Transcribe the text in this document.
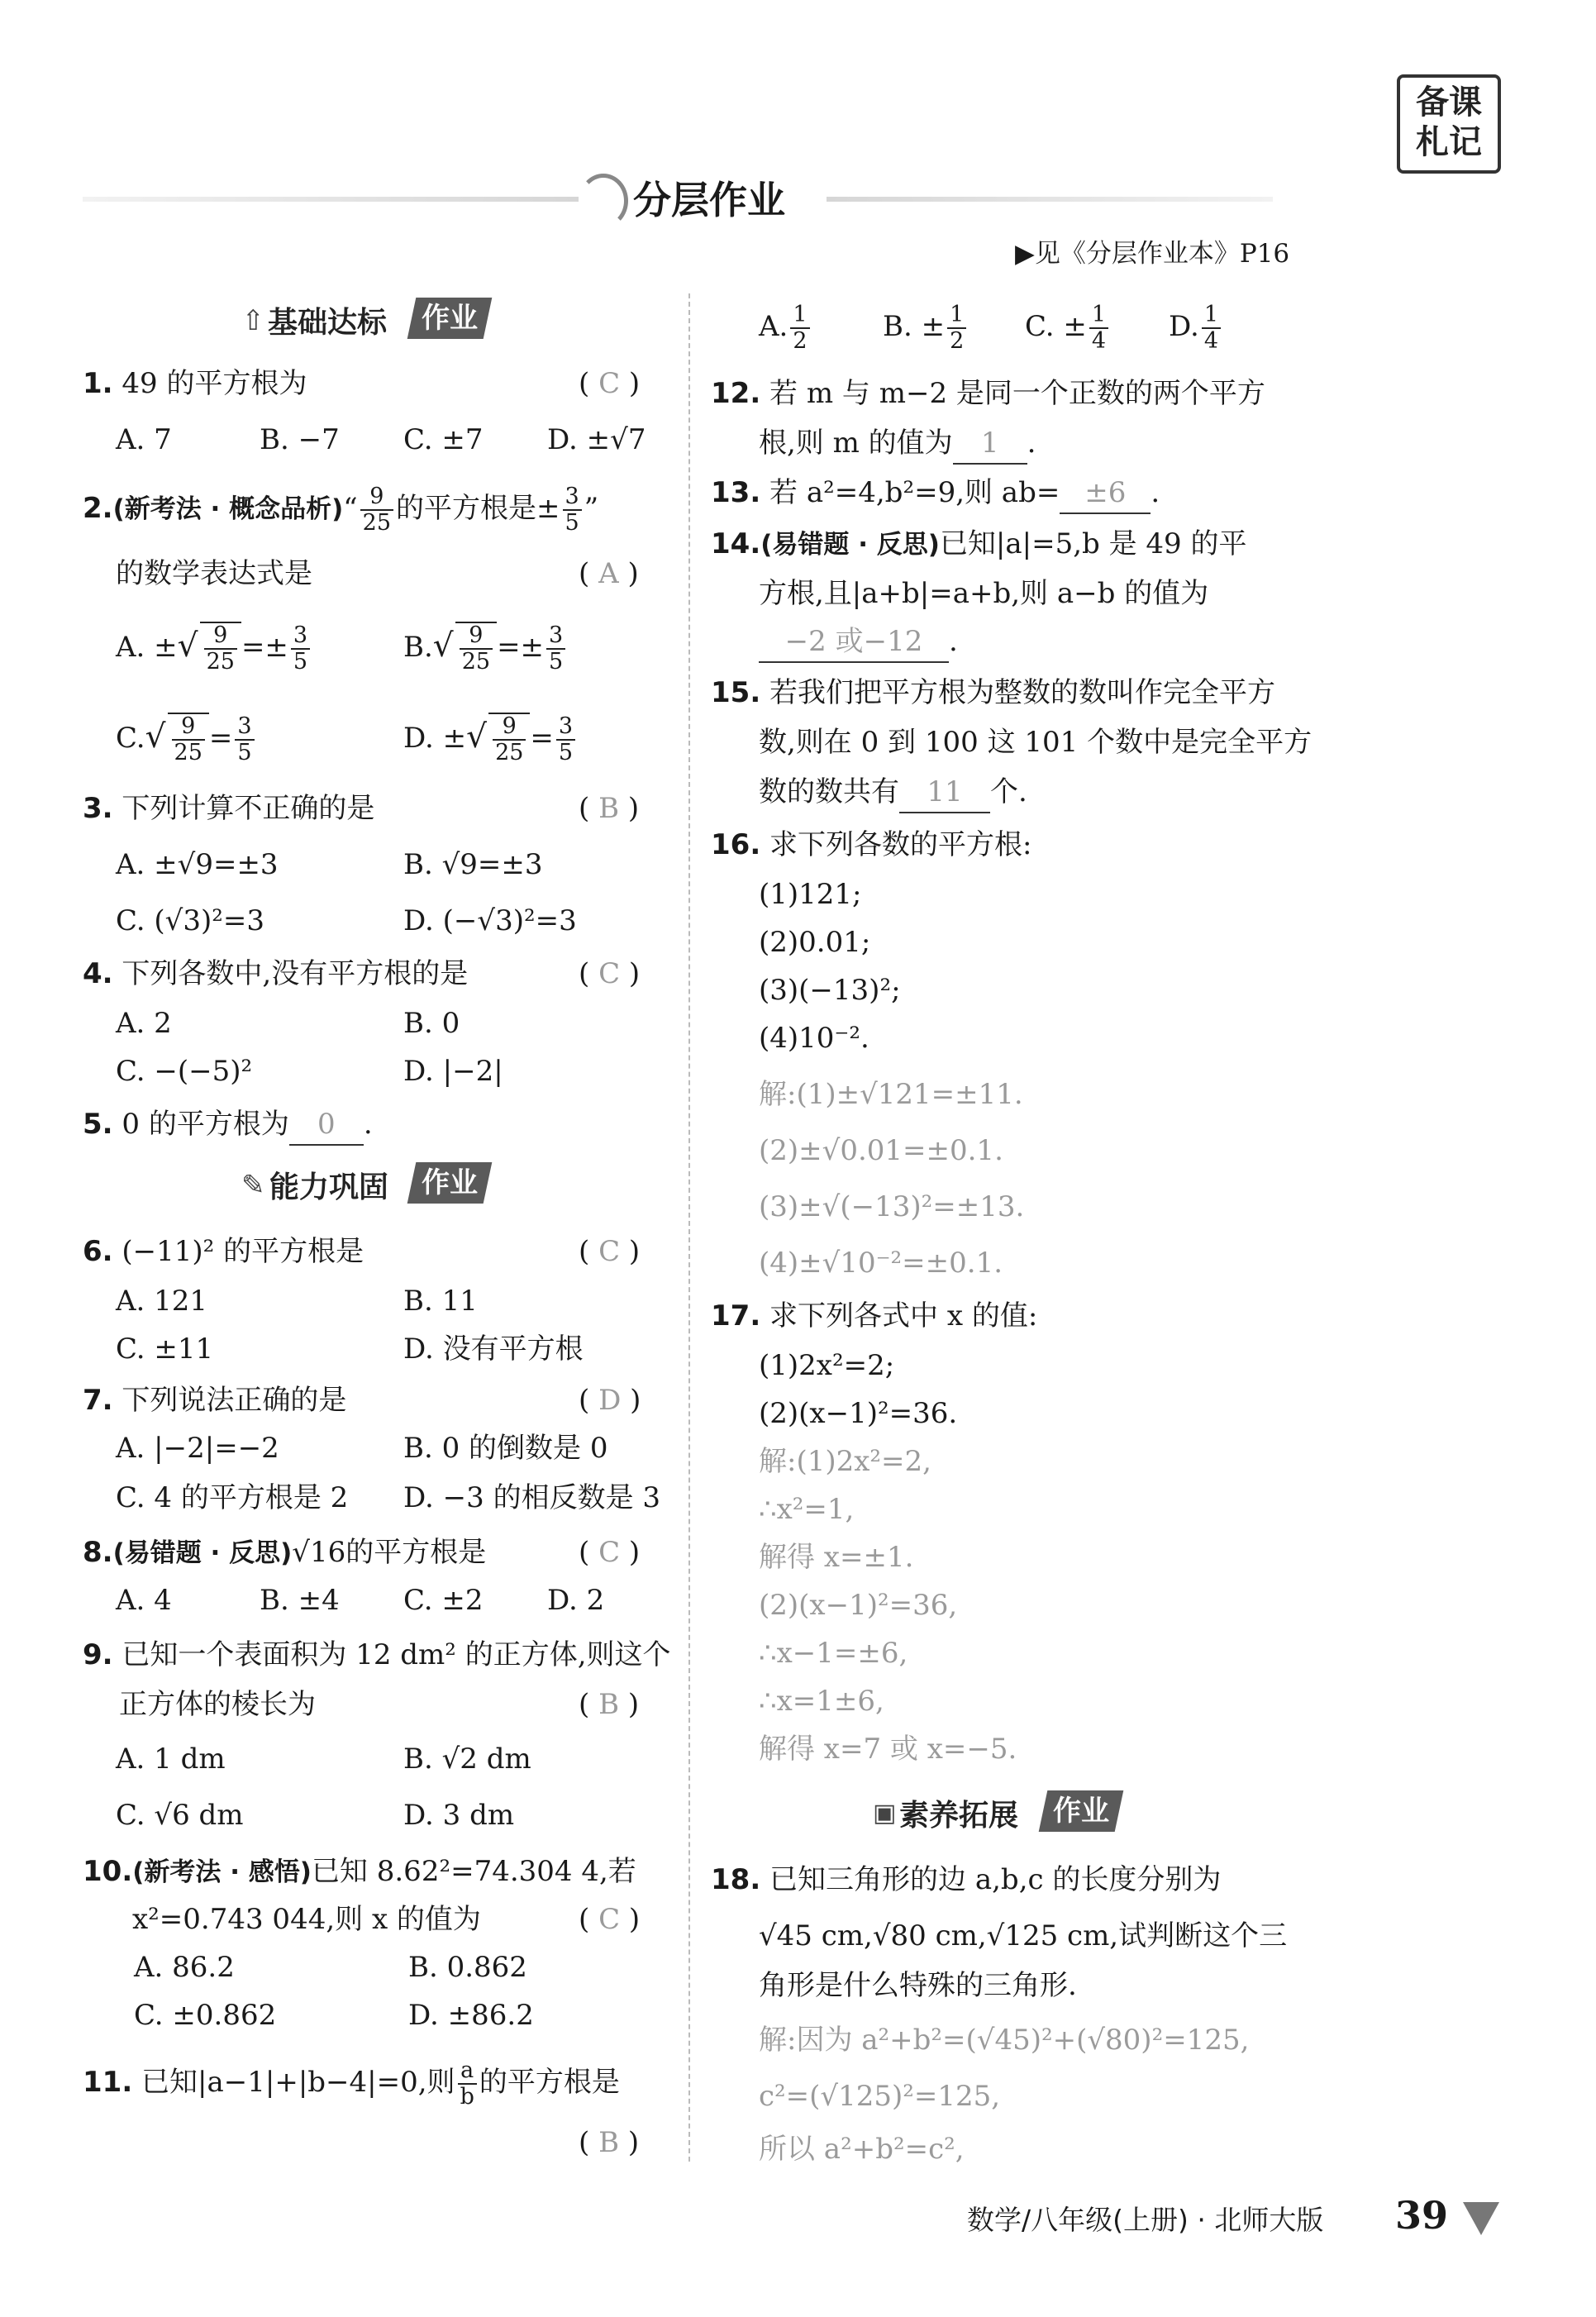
备课
札记
分层作业
▶见《分层作业本》P16
⇧ 基础达标	作业
1. 49 的平方根为	( C )
A. 7	B. −7 C. ±7 D. ±√7
2.(新考法 · 概念品析)“ $\frac{9}{25}$ 的平方根是± $\frac{3}{5}$ ”
的数学表达式是	( A )
A. ±√ $\frac{9}{25} =\pm \frac{3}{5}$	$B.√ \frac{9}{25} =\pm \frac{3}{5}$
$C.√ \frac{9}{25} = \frac{3}{5}$	D. ±√ $\frac{9}{25} = \frac{3}{5}$
3. 下列计算不正确的是	( B )
A. ±√9=±3	B. √9=±3
C. (√3)²=3	D. (−√3)²=3
4. 下列各数中,没有平方根的是	( C )
A. 2	B. 0
C. −(−5)²	D. |−2|
5. 0 的平方根为 0 .
✎ 能力巩固	作业
6. (−11)² 的平方根是	( C )
A. 121	B. 11
C. ±11	D. 没有平方根
7. 下列说法正确的是	( D )
A. |−2|=−2	B. 0 的倒数是 0
C. 4 的平方根是 2 D. −3 的相反数是 3
8.(易错题 · 反思)√16的平方根是	( C )
A. 4	B. ±4 C. ±2 D. 2
9. 已知一个表面积为 12 dm² 的正方体,则这个
正方体的棱长为	( B )
A. 1 dm	B. √2 dm
C. √6 dm	D. 3 dm
10.(新考法 · 感悟)已知 8.62²=74.304 4,若
x²=0.743 044,则 x 的值为	( C )
A. 86.2	B. 0.862
C. ±0.862	D. ±86.2
11. 已知|a−1|+|b−4|=0,则 $\frac{a}{b}$ 的平方根是
( B )
A. $\frac{1}{2}$	B. ± $\frac{1}{2} C$. ± $\frac{1}{4} D$. $\frac{1}{4}$
12. 若 m 与 m−2 是同一个正数的两个平方
根,则 m 的值为 1 .
13. 若 a²=4,b²=9,则 ab= ±6 .
14.(易错题 · 反思)已知|a|=5,b 是 49 的平
方根,且|a+b|=a+b,则 a−b 的值为
−2 或−12 .
15. 若我们把平方根为整数的数叫作完全平方
数,则在 0 到 100 这 101 个数中是完全平方
数的数共有 11 个.
16. 求下列各数的平方根:
(1)121;
(2)0.01;
(3)(−13)²;
(4)10⁻².
解:(1)±√121=±11.
(2)±√0.01=±0.1.
(3)±√(−13)²=±13.
(4)±√10⁻²=±0.1.
17. 求下列各式中 x 的值:
(1)2x²=2;
(2)(x−1)²=36.
解:(1)2x²=2,
∴x²=1,
解得 x=±1.
(2)(x−1)²=36,
∴x−1=±6,
∴x=1±6,
解得 x=7 或 x=−5.
▣ 素养拓展	作业
18. 已知三角形的边 a,b,c 的长度分别为
√45 cm,√80 cm,√125 cm,试判断这个三
角形是什么特殊的三角形.
解:因为 a²+b²=(√45)²+(√80)²=125,
c²=(√125)²=125,
所以 a²+b²=c²,
数学/八年级(上册) · 北师大版 39
